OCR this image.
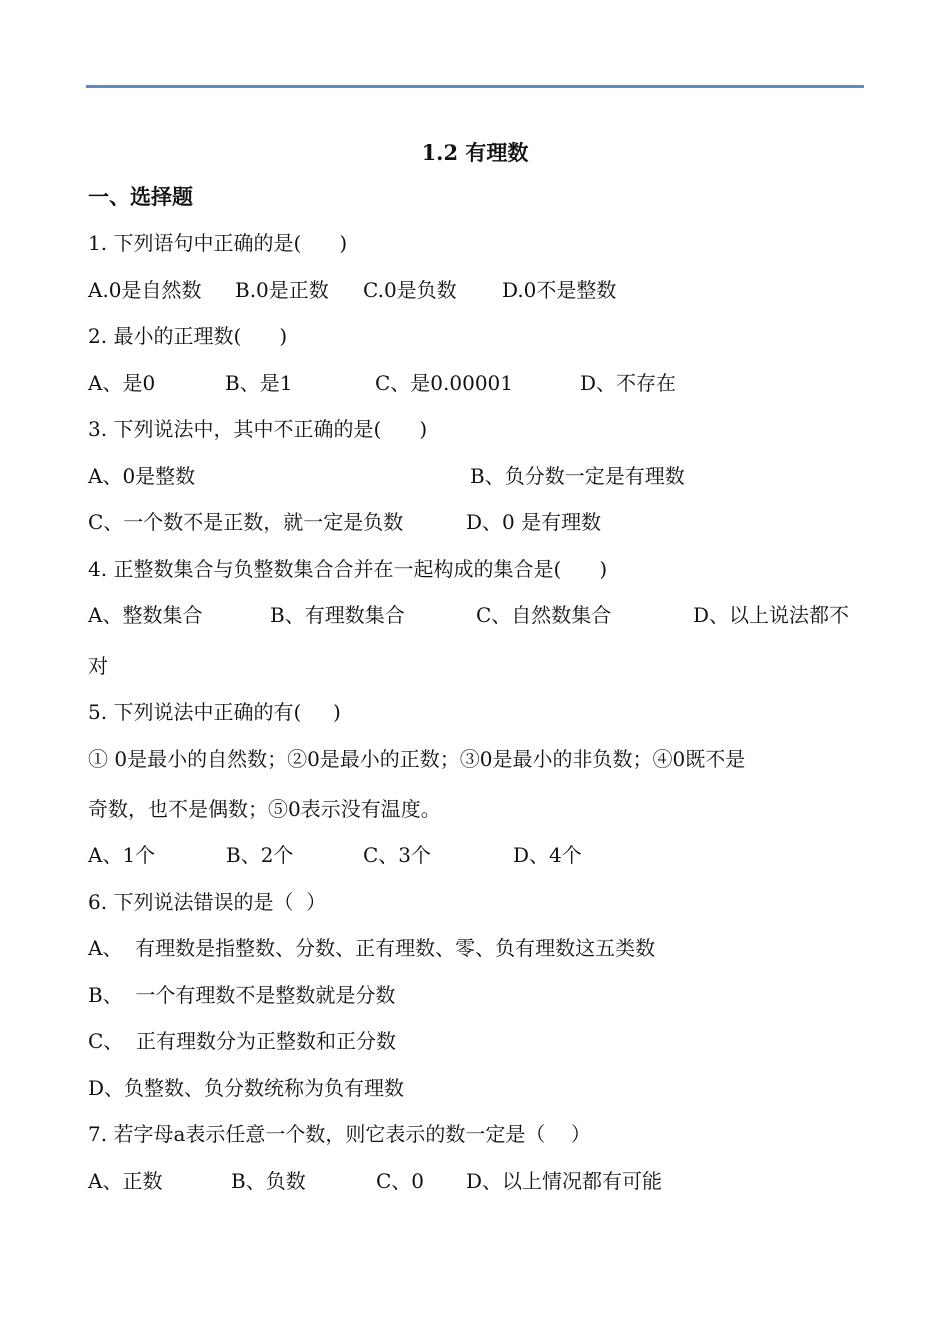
1.2 有理数
一、选择题
1. 下列语句中正确的是(      )
A.0是自然数 B.0是正数 C.0是负数 D.0不是整数
2. 最小的正理数(      )
A、是0	B、是1	C、是0.00001	D、不存在
3. 下列说法中，其中不正确的是(      )
A、0是整数	B、负分数一定是有理数
C、一个数不是正数，就一定是负数	D、0 是有理数
4. 正整数集合与负整数集合合并在一起构成的集合是(      )
A、整数集合	B、有理数集合	C、自然数集合	D、以上说法都不
对
5. 下列说法中正确的有(     )
① 0是最小的自然数；②0是最小的正数；③0是最小的非负数；④0既不是
奇数，也不是偶数；⑤0表示没有温度。
A、1个	B、2个	C、3个	D、4个
6. 下列说法错误的是（  ）
A、  有理数是指整数、分数、正有理数、零、负有理数这五类数
B、  一个有理数不是整数就是分数
C、  正有理数分为正整数和正分数
D、负整数、负分数统称为负有理数
7. 若字母a表示任意一个数，则它表示的数一定是（    ）
A、正数	B、负数	C、0 D、以上情况都有可能
